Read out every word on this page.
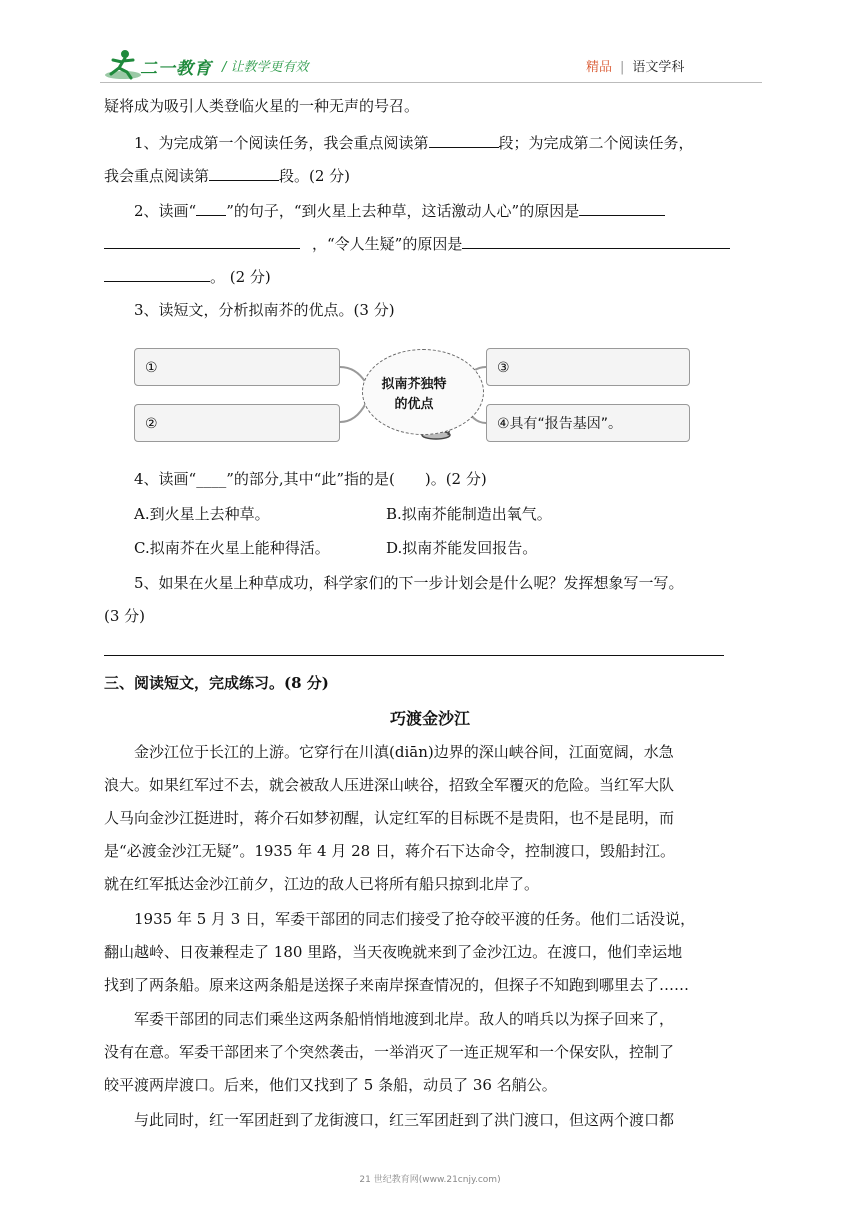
二一教育 / 让教学更有效	精品 | 语文学科
疑将成为吸引人类登临火星的一种无声的号召。
1、为完成第一个阅读任务，我会重点阅读第	段；为完成第二个阅读任务，
我会重点阅读第	段。(2 分)
2、读画“ ”的句子，“到火星上去种草，这话激动人心”的原因是
，“令人生疑”的原因是
。 (2 分)
3、读短文，分析拟南芥的优点。(3 分)
①
②
拟南芥独特
的优点
③
④具有“报告基因”。
4、读画“____”的部分,其中“此”指的是(　　)。(2 分)
A.到火星上去种草。	B.拟南芥能制造出氧气。
C.拟南芥在火星上能种得活。	D.拟南芥能发回报告。
5、如果在火星上种草成功，科学家们的下一步计划会是什么呢？发挥想象写一写。
(3 分)
三、阅读短文，完成练习。(8 分)
巧渡金沙江
金沙江位于长江的上游。它穿行在川滇(diān)边界的深山峡谷间，江面宽阔，水急
浪大。如果红军过不去，就会被敌人压进深山峡谷，招致全军覆灭的危险。当红军大队
人马向金沙江挺进时，蒋介石如梦初醒，认定红军的目标既不是贵阳，也不是昆明，而
是“必渡金沙江无疑”。1935 年 4 月 28 日，蒋介石下达命令，控制渡口，毁船封江。
就在红军抵达金沙江前夕，江边的敌人已将所有船只掠到北岸了。
1935 年 5 月 3 日，军委干部团的同志们接受了抢夺皎平渡的任务。他们二话没说，
翻山越岭、日夜兼程走了 180 里路，当天夜晚就来到了金沙江边。在渡口，他们幸运地
找到了两条船。原来这两条船是送探子来南岸探查情况的，但探子不知跑到哪里去了……
军委干部团的同志们乘坐这两条船悄悄地渡到北岸。敌人的哨兵以为探子回来了，
没有在意。军委干部团来了个突然袭击，一举消灭了一连正规军和一个保安队，控制了
皎平渡两岸渡口。后来，他们又找到了 5 条船，动员了 36 名艄公。
与此同时，红一军团赶到了龙街渡口，红三军团赶到了洪门渡口，但这两个渡口都
21 世纪教育网(www.21cnjy.com)
